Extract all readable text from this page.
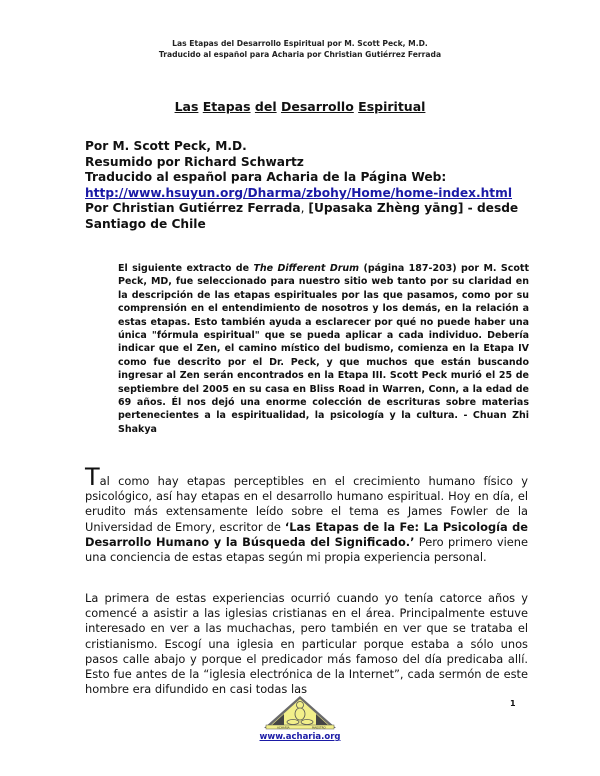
Las Etapas del Desarrollo Espiritual por M. Scott Peck, M.D.
Traducido al español para Acharia por Christian Gutiérrez Ferrada
Las Etapas del Desarrollo Espiritual
Por M. Scott Peck, M.D.
Resumido por Richard Schwartz
Traducido al español para Acharia de la Página Web:
http://www.hsuyun.org/Dharma/zbohy/Home/home-index.html
Por Christian Gutiérrez Ferrada, [Upasaka Zhèng yāng] - desde Santiago de Chile
El siguiente extracto de The Different Drum (página 187-203) por M. Scott Peck, MD, fue seleccionado para nuestro sitio web tanto por su claridad en la descripción de las etapas espirituales por las que pasamos, como por su comprensión en el entendimiento de nosotros y los demás, en la relación a estas etapas. Esto también ayuda a esclarecer por qué no puede haber una única "fórmula espiritual" que se pueda aplicar a cada individuo. Debería indicar que el Zen, el camino místico del budismo, comienza en la Etapa IV como fue descrito por el Dr. Peck, y que muchos que están buscando ingresar al Zen serán encontrados en la Etapa III. Scott Peck murió el 25 de septiembre del 2005 en su casa en Bliss Road in Warren, Conn, a la edad de 69 años. Él nos dejó una enorme colección de escrituras sobre materias pertenecientes a la espiritualidad, la psicología y la cultura. - Chuan Zhi Shakya
Tal como hay etapas perceptibles en el crecimiento humano físico y psicológico, así hay etapas en el desarrollo humano espiritual. Hoy en día, el erudito más extensamente leído sobre el tema es James Fowler de la Universidad de Emory, escritor de ‘Las Etapas de la Fe: La Psicología de Desarrollo Humano y la Búsqueda del Significado.’ Pero primero viene una conciencia de estas etapas según mi propia experiencia personal.
La primera de estas experiencias ocurrió cuando yo tenía catorce años y comencé a asistir a las iglesias cristianas en el área. Principalmente estuve interesado en ver a las muchachas, pero también en ver que se trataba el cristianismo. Escogí una iglesia en particular porque estaba a sólo unos pasos calle abajo y porque el predicador más famoso del día predicaba allí. Esto fue antes de la “iglesia electrónica de la Internet”, cada sermón de este hombre era difundido en casi todas las
1
ACHARIA	MAESTRO
www.acharia.org
